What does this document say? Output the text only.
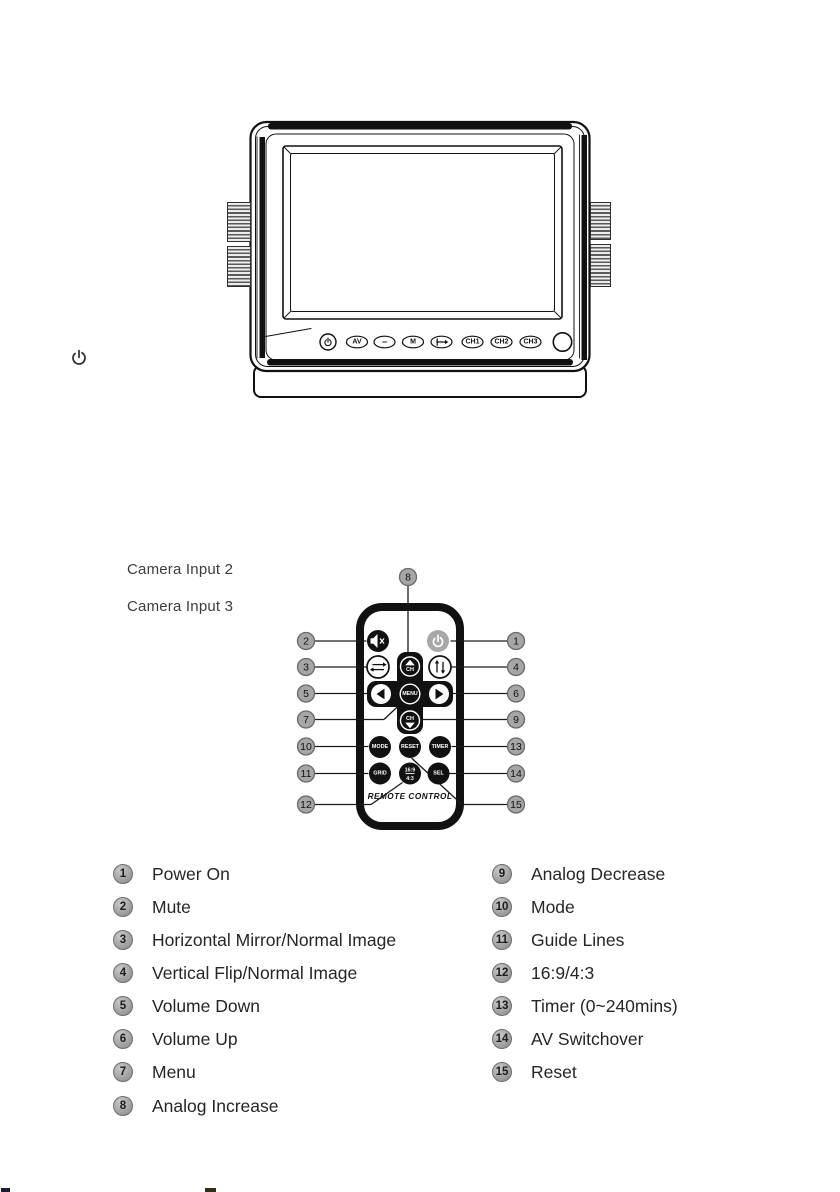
AV −	M	CH1 CH2 CH3
CH
MENU
CH
MODE RESET TIMER
GRID	16:9
4:3
SEL
REMOTE CONTROL
8
2	1
3	4
5	6
7	9
10	13
11	14
12	15
Camera Input 2
Camera Input 3
1	Power On
2	Mute
3	Horizontal Mirror/Normal Image
4	Vertical Flip/Normal Image
5	Volume Down
6	Volume Up
7	Menu
8	Analog Increase
9	Analog Decrease
10 Mode
11 Guide Lines
12 16:9/4:3
13 Timer (0~240mins)
14 AV Switchover
15 Reset
